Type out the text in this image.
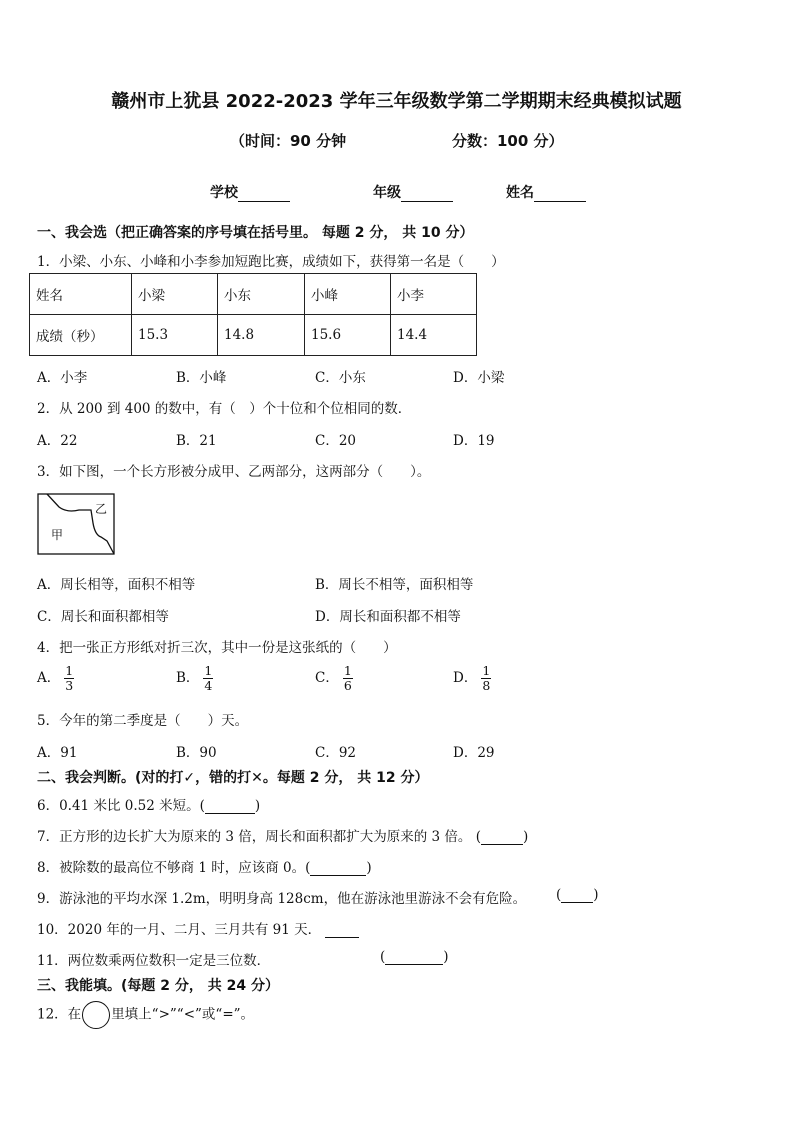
赣州市上犹县 2022-2023 学年三年级数学第二学期期末经典模拟试题
（时间：90 分钟	分数：100 分）
学校	年级	姓名
一、我会选（把正确答案的序号填在括号里。 每题 2 分， 共 10 分）
1．小梁、小东、小峰和小李参加短跑比赛，成绩如下，获得第一名是（　　）
姓名	小梁	小东	小峰	小李
成绩（秒）	15.3	14.8	15.6	14.4
A．小李	B．小峰	C．小东	D．小梁
2．从 200 到 400 的数中，有（　）个十位和个位相同的数．
A．22	B．21	C．20	D．19
3．如下图，一个长方形被分成甲、乙两部分，这两部分（　　）。
甲
乙
A．周长相等，面积不相等	B．周长不相等，面积相等
C．周长和面积都相等	D．周长和面积都不相等
4．把一张正方形纸对折三次，其中一份是这张纸的（　　）
A． $\frac{1}{3}$	B． $\frac{1}{4}$	C． $\frac{1}{6}$	D． $\frac{1}{8}$
5．今年的第二季度是（　　）天。
A．91	B．90	C．92	D．29
二、我会判断。(对的打✓，错的打✕。每题 2 分， 共 12 分）
6．0.41 米比 0.52 米短。(	)
7．正方形的边长扩大为原来的 3 倍，周长和面积都扩大为原来的 3 倍。 (	)
8．被除数的最高位不够商 1 时，应该商 0。(	)
9．游泳池的平均水深 1.2m，明明身高 128cm，他在游泳池里游泳不会有危险。 ( )
10．2020 年的一月、二月、三月共有 91 天．
11．两位数乘两位数积一定是三位数．	(	)
三、我能填。(每题 2 分， 共 24 分）
12．在 里填上“>”“<”或“=”。
